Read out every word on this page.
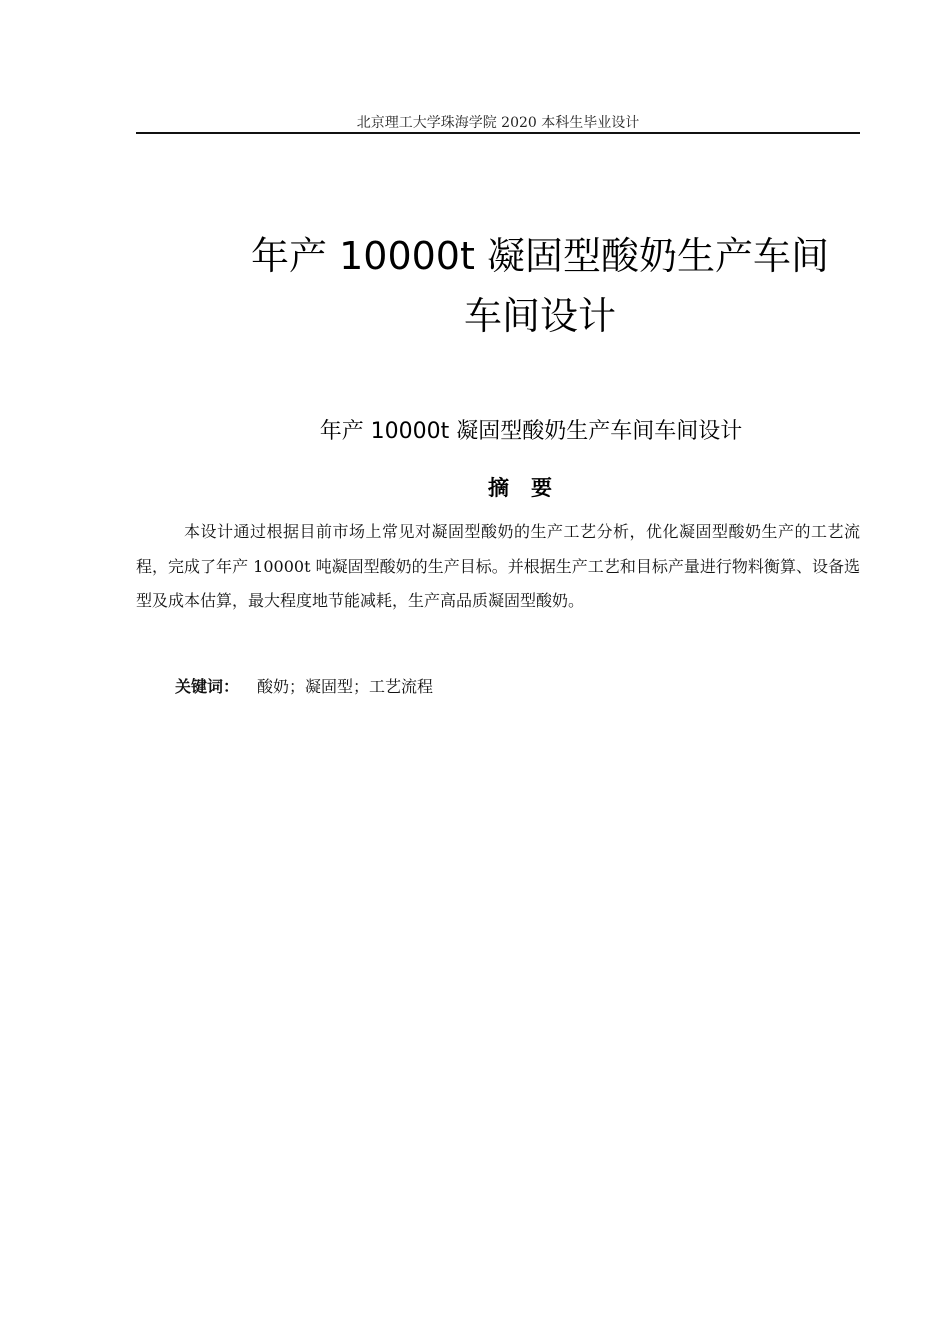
北京理工大学珠海学院 2020 本科生毕业设计
年产 10000t 凝固型酸奶生产车间
车间设计
年产 10000t 凝固型酸奶生产车间车间设计
摘要
本设计通过根据目前市场上常见对凝固型酸奶的生产工艺分析，优化凝固型酸奶生产的工艺流程，完成了年产 10000t 吨凝固型酸奶的生产目标。并根据生产工艺和目标产量进行物料衡算、设备选型及成本估算，最大程度地节能减耗，生产高品质凝固型酸奶。
关键词： 酸奶；凝固型；工艺流程
